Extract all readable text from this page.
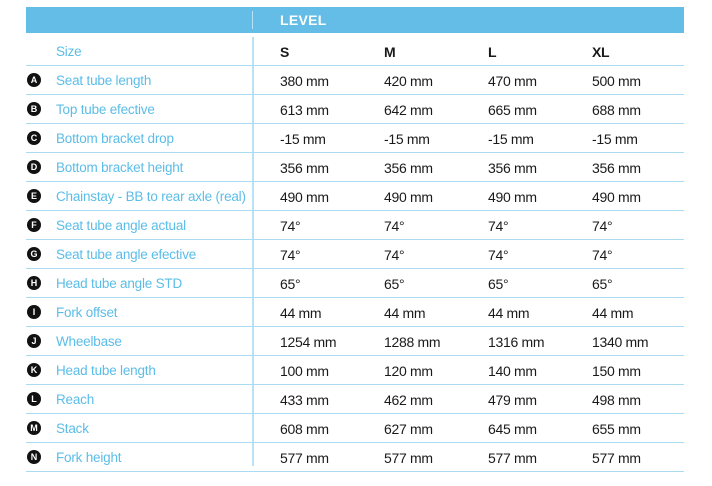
LEVEL
Size	S	M	L	XL
A Seat tube length	380 mm	420 mm	470 mm	500 mm
B Top tube efective	613 mm	642 mm	665 mm	688 mm
C Bottom bracket drop	-15 mm	-15 mm	-15 mm	-15 mm
D Bottom bracket height	356 mm	356 mm	356 mm	356 mm
E Chainstay - BB to rear axle (real) 490 mm	490 mm	490 mm	490 mm
F	Seat tube angle actual	74°	74°	74°	74°
G Seat tube angle efective	74°	74°	74°	74°
H Head tube angle STD	65°	65°	65°	65°
I	Fork offset	44 mm	44 mm	44 mm	44 mm
J	Wheelbase	1254 mm	1288 mm	1316 mm	1340 mm
K Head tube length	100 mm	120 mm	140 mm	150 mm
L	Reach	433 mm	462 mm	479 mm	498 mm
M Stack	608 mm	627 mm	645 mm	655 mm
N Fork height	577 mm	577 mm	577 mm	577 mm
